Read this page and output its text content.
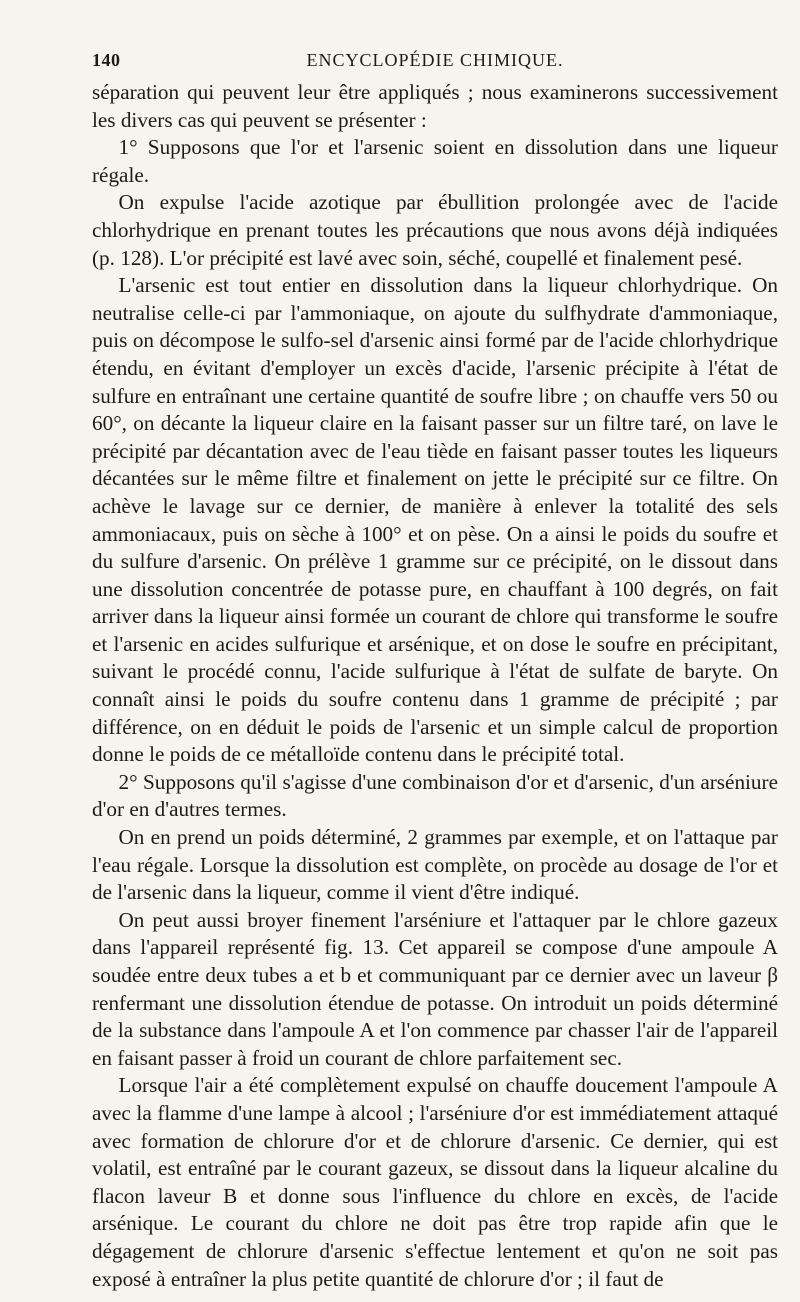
140	ENCYCLOPÉDIE CHIMIQUE.

séparation qui peuvent leur être appliqués ; nous examinerons successivement les divers cas qui peuvent se présenter :

1° Supposons que l'or et l'arsenic soient en dissolution dans une liqueur régale.

On expulse l'acide azotique par ébullition prolongée avec de l'acide chlorhydrique en prenant toutes les précautions que nous avons déjà indiquées (p. 128). L'or précipité est lavé avec soin, séché, coupellé et finalement pesé.

L'arsenic est tout entier en dissolution dans la liqueur chlorhydrique. On neutralise celle-ci par l'ammoniaque, on ajoute du sulfhydrate d'ammoniaque, puis on décompose le sulfo-sel d'arsenic ainsi formé par de l'acide chlorhydrique étendu, en évitant d'employer un excès d'acide, l'arsenic précipite à l'état de sulfure en entraînant une certaine quantité de soufre libre ; on chauffe vers 50 ou 60°, on décante la liqueur claire en la faisant passer sur un filtre taré, on lave le précipité par décantation avec de l'eau tiède en faisant passer toutes les liqueurs décantées sur le même filtre et finalement on jette le précipité sur ce filtre. On achève le lavage sur ce dernier, de manière à enlever la totalité des sels ammoniacaux, puis on sèche à 100° et on pèse. On a ainsi le poids du soufre et du sulfure d'arsenic. On prélève 1 gramme sur ce précipité, on le dissout dans une dissolution concentrée de potasse pure, en chauffant à 100 degrés, on fait arriver dans la liqueur ainsi formée un courant de chlore qui transforme le soufre et l'arsenic en acides sulfurique et arsénique, et on dose le soufre en précipitant, suivant le procédé connu, l'acide sulfurique à l'état de sulfate de baryte. On connaît ainsi le poids du soufre contenu dans 1 gramme de précipité ; par différence, on en déduit le poids de l'arsenic et un simple calcul de proportion donne le poids de ce métalloïde contenu dans le précipité total.

2° Supposons qu'il s'agisse d'une combinaison d'or et d'arsenic, d'un arséniure d'or en d'autres termes.

On en prend un poids déterminé, 2 grammes par exemple, et on l'attaque par l'eau régale. Lorsque la dissolution est complète, on procède au dosage de l'or et de l'arsenic dans la liqueur, comme il vient d'être indiqué.

On peut aussi broyer finement l'arséniure et l'attaquer par le chlore gazeux dans l'appareil représenté fig. 13. Cet appareil se compose d'une ampoule A soudée entre deux tubes a et b et communiquant par ce dernier avec un laveur β renfermant une dissolution étendue de potasse. On introduit un poids déterminé de la substance dans l'ampoule A et l'on commence par chasser l'air de l'appareil en faisant passer à froid un courant de chlore parfaitement sec.

Lorsque l'air a été complètement expulsé on chauffe doucement l'ampoule A avec la flamme d'une lampe à alcool ; l'arséniure d'or est immédiatement attaqué avec formation de chlorure d'or et de chlorure d'arsenic. Ce dernier, qui est volatil, est entraîné par le courant gazeux, se dissout dans la liqueur alcaline du flacon laveur B et donne sous l'influence du chlore en excès, de l'acide arsénique. Le courant du chlore ne doit pas être trop rapide afin que le dégagement de chlorure d'arsenic s'effectue lentement et qu'on ne soit pas exposé à entraîner la plus petite quantité de chlorure d'or ; il faut de
